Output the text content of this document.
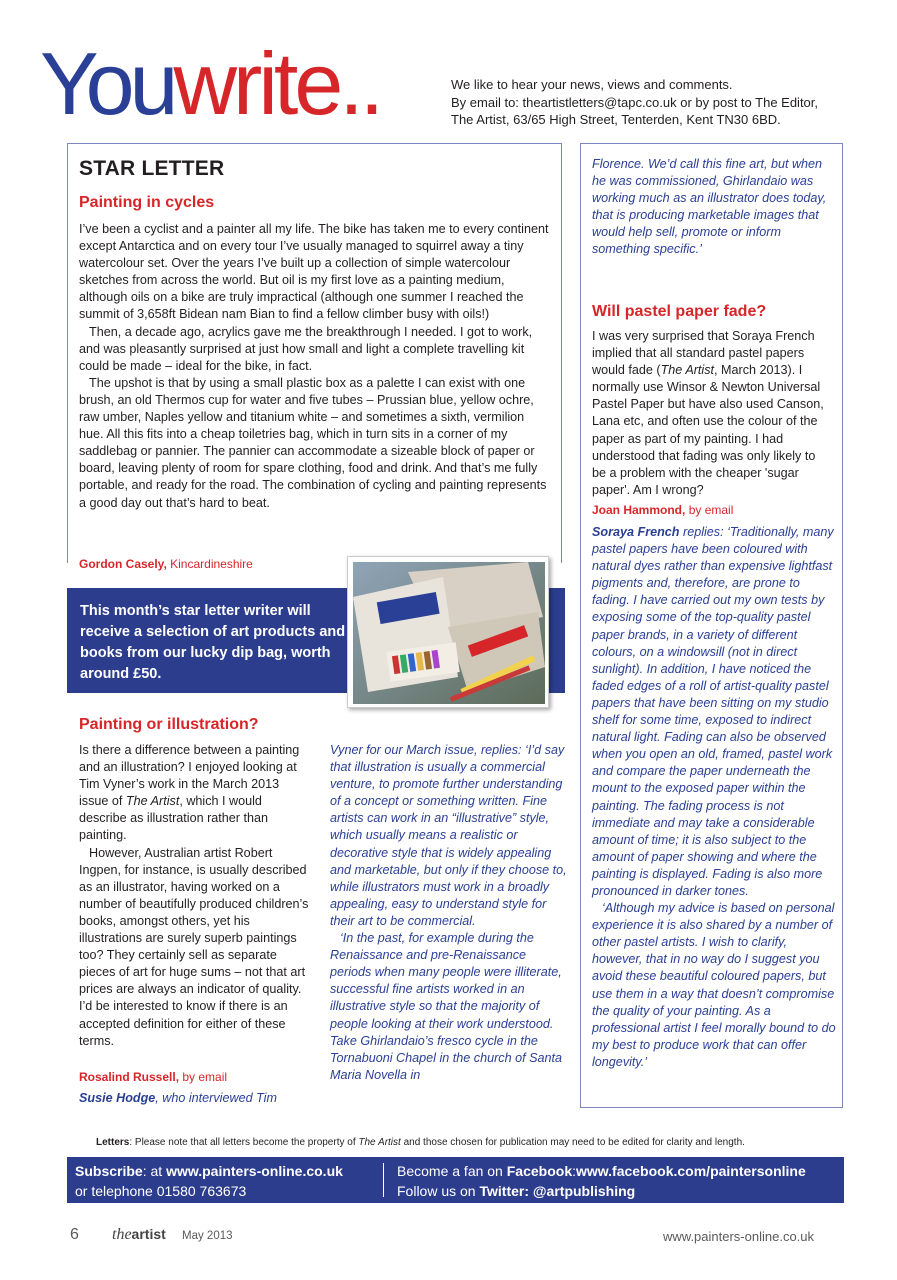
Youwrite..	We like to hear your news, views and comments.
By email to: theartistletters@tapc.co.uk or by post to The Editor,
The Artist, 63/65 High Street, Tenterden, Kent TN30 6BD.
STAR LETTER
Painting in cycles

I’ve been a cyclist and a painter all my life. The bike has taken me to every continent except Antarctica and on every tour I’ve usually managed to squirrel away a tiny watercolour set. Over the years I’ve built up a collection of simple watercolour sketches from across the world. But oil is my first love as a painting medium, although oils on a bike are truly impractical (although one summer I reached the summit of 3,658ft Bidean nam Bian to find a fellow climber busy with oils!)

Then, a decade ago, acrylics gave me the breakthrough I needed. I got to work, and was pleasantly surprised at just how small and light a complete travelling kit could be made – ideal for the bike, in fact.

The upshot is that by using a small plastic box as a palette I can exist with one brush, an old Thermos cup for water and five tubes – Prussian blue, yellow ochre, raw umber, Naples yellow and titanium white – and sometimes a sixth, vermilion hue. All this fits into a cheap toiletries bag, which in turn sits in a corner of my saddlebag or pannier. The pannier can accommodate a sizeable block of paper or board, leaving plenty of room for spare clothing, food and drink. And that’s me fully portable, and ready for the road. The combination of cycling and painting represents a good day out that’s hard to beat.

Gordon Casely, Kincardineshire
This month’s star letter writer will receive a selection of art products and books from our lucky dip bag, worth around £50.
Painting or illustration?

Is there a difference between a painting and an illustration? I enjoyed looking at Tim Vyner’s work in the March 2013 issue of The Artist, which I would describe as illustration rather than painting.

However, Australian artist Robert Ingpen, for instance, is usually described as an illustrator, having worked on a number of beautifully produced children’s books, amongst others, yet his illustrations are surely superb paintings too? They certainly sell as separate pieces of art for huge sums – not that art prices are always an indicator of quality. I’d be interested to know if there is an accepted definition for either of these terms.

Rosalind Russell, by email
Susie Hodge, who interviewed Tim

Vyner for our March issue, replies: ‘I’d say that illustration is usually a commercial venture, to promote further understanding of a concept or something written. Fine artists can work in an “illustrative” style, which usually means a realistic or decorative style that is widely appealing and marketable, but only if they choose to, while illustrators must work in a broadly appealing, easy to understand style for their art to be commercial.

‘In the past, for example during the Renaissance and pre-Renaissance periods when many people were illiterate, successful fine artists worked in an illustrative style so that the majority of people looking at their work understood. Take Ghirlandaio’s fresco cycle in the Tornabuoni Chapel in the church of Santa Maria Novella in

Florence. We’d call this fine art, but when he was commissioned, Ghirlandaio was working much as an illustrator does today, that is producing marketable images that would help sell, promote or inform something specific.’

Will pastel paper fade?

I was very surprised that Soraya French implied that all standard pastel papers would fade (The Artist, March 2013). I normally use Winsor & Newton Universal Pastel Paper but have also used Canson, Lana etc, and often use the colour of the paper as part of my painting. I had understood that fading was only likely to be a problem with the cheaper 'sugar paper'. Am I wrong?

Joan Hammond, by email

Soraya French replies: ‘Traditionally, many pastel papers have been coloured with natural dyes rather than expensive lightfast pigments and, therefore, are prone to fading. I have carried out my own tests by exposing some of the top-quality pastel paper brands, in a variety of different colours, on a windowsill (not in direct sunlight). In addition, I have noticed the faded edges of a roll of artist-quality pastel papers that have been sitting on my studio shelf for some time, exposed to indirect natural light. Fading can also be observed when you open an old, framed, pastel work and compare the paper underneath the mount to the exposed paper within the painting. The fading process is not immediate and may take a considerable amount of time; it is also subject to the amount of paper showing and where the painting is displayed. Fading is also more pronounced in darker tones.

‘Although my advice is based on personal experience it is also shared by a number of other pastel artists. I wish to clarify, however, that in no way do I suggest you avoid these beautiful coloured papers, but use them in a way that doesn’t compromise the quality of your painting. As a professional artist I feel morally bound to do my best to produce work that can offer longevity.’

Letters: Please note that all letters become the property of The Artist and those chosen for publication may need to be edited for clarity and length.
Subscribe: at www.painters-online.co.uk
or telephone 01580 763673
Become a fan on Facebook:www.facebook.com/paintersonline
Follow us on Twitter: @artpublishing
6 theartist May 2013	www.painters-online.co.uk
